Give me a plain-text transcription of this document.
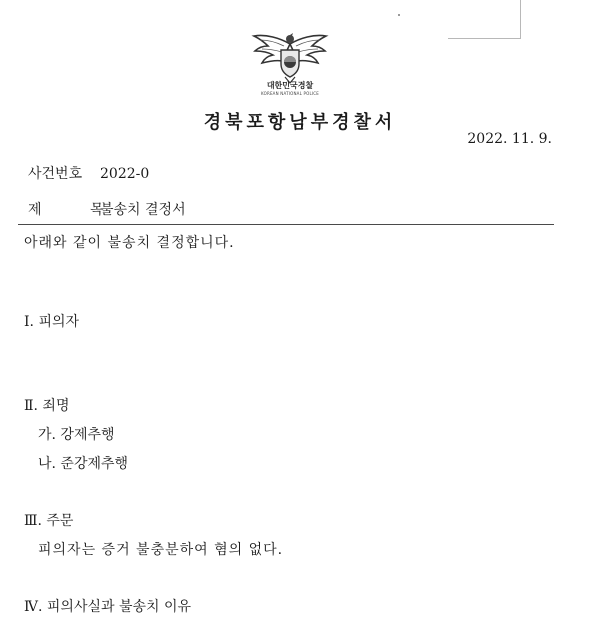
대한민국경찰
KOREAN NATIONAL POLICE
경북포항남부경찰서
2022. 11. 9.
사건번호 2022-0
제 목불송치 결정서
아래와 같이 불송치 결정합니다.
Ⅰ. 피의자
Ⅱ. 죄명
가. 강제추행
나. 준강제추행
Ⅲ. 주문
피의자는 증거 불충분하여 혐의 없다.
Ⅳ. 피의사실과 불송치 이유
